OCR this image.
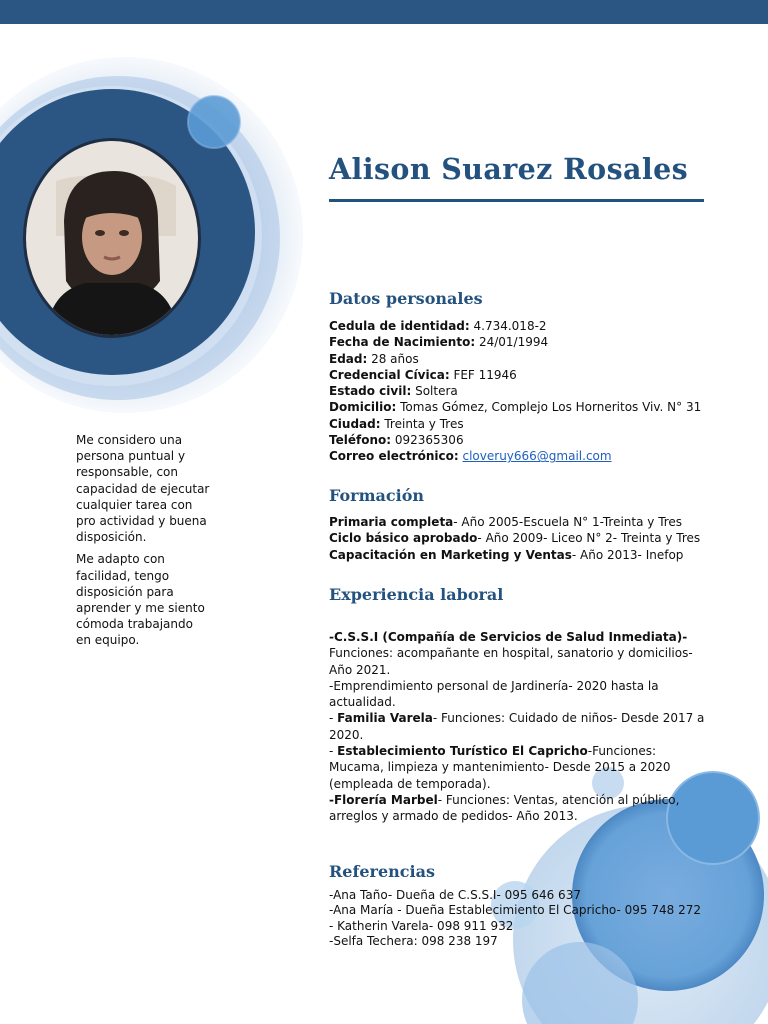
Alison Suarez Rosales

Me considero una persona puntual y responsable, con capacidad de ejecutar cualquier tarea con pro actividad y buena disposición.

Me adapto con facilidad, tengo disposición para aprender y me siento cómoda trabajando en equipo.

Datos personales
Cedula de identidad: 4.734.018-2
Fecha de Nacimiento: 24/01/1994
Edad: 28 años
Credencial Cívica: FEF 11946
Estado civil: Soltera
Domicilio: Tomas Gómez, Complejo Los Horneritos Viv. N° 31
Ciudad: Treinta y Tres
Teléfono: 092365306
Correo electrónico: cloveruy666@gmail.com
Formación
Primaria completa- Año 2005-Escuela N° 1-Treinta y Tres
Ciclo básico aprobado- Año 2009- Liceo N° 2- Treinta y Tres
Capacitación en Marketing y Ventas- Año 2013- Inefop
Experiencia laboral

-C.S.S.I (Compañía de Servicios de Salud Inmediata)- Funciones: acompañante en hospital, sanatorio y domicilios-Año 2021.

-Emprendimiento personal de Jardinería- 2020 hasta la actualidad.

- Familia Varela- Funciones: Cuidado de niños- Desde 2017 a 2020.

- Establecimiento Turístico El Capricho-Funciones: Mucama, limpieza y mantenimiento- Desde 2015 a 2020 (empleada de temporada).

-Florería Marbel- Funciones: Ventas, atención al público, arreglos y armado de pedidos- Año 2013.

Referencias
-Ana Taño- Dueña de C.S.S.I- 095 646 637
-Ana María - Dueña Establecimiento El Capricho- 095 748 272
- Katherin Varela- 098 911 932
-Selfa Techera: 098 238 197
